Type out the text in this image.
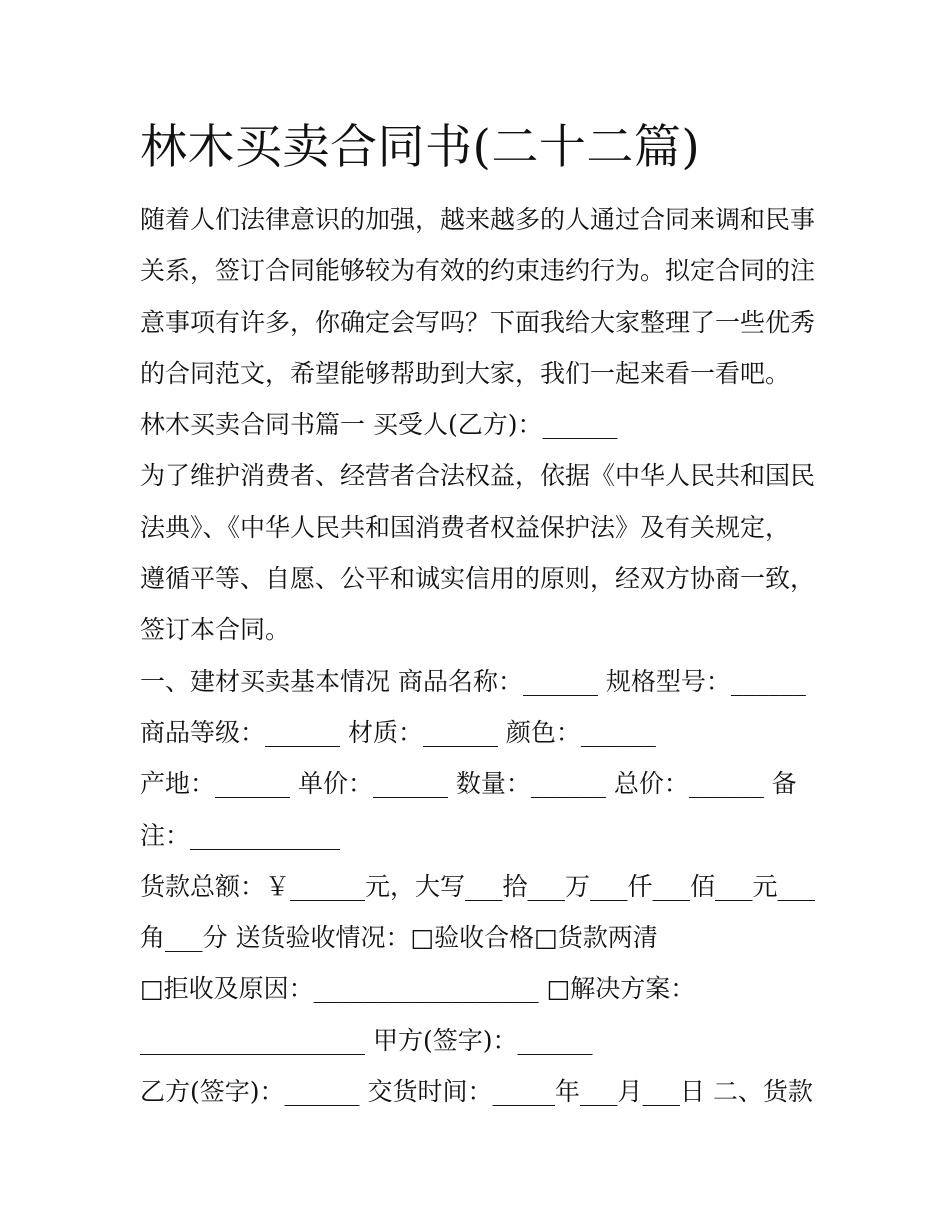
林木买卖合同书(二十二篇)
随着人们法律意识的加强，越来越多的人通过合同来调和民事
关系，签订合同能够较为有效的约束违约行为。拟定合同的注
意事项有许多，你确定会写吗？下面我给大家整理了一些优秀
的合同范文，希望能够帮助到大家，我们一起来看一看吧。
林木买卖合同书篇一 买受人(乙方)：______
为了维护消费者、经营者合法权益，依据《中华人民共和国民
法典》、《中华人民共和国消费者权益保护法》及有关规定，
遵循平等、自愿、公平和诚实信用的原则，经双方协商一致，
签订本合同。
一、建材买卖基本情况 商品名称：______ 规格型号：______
商品等级：______ 材质：______ 颜色：______
产地：______ 单价：______ 数量：______ 总价：______ 备
注：____________
货款总额：￥______元，大写___拾___万___仟___佰___元___
角___分 送货验收情况：□验收合格□货款两清
□拒收及原因：__________________ □解决方案：
__________________ 甲方(签字)：______
乙方(签字)：______ 交货时间：_____年___月___日 二、货款
